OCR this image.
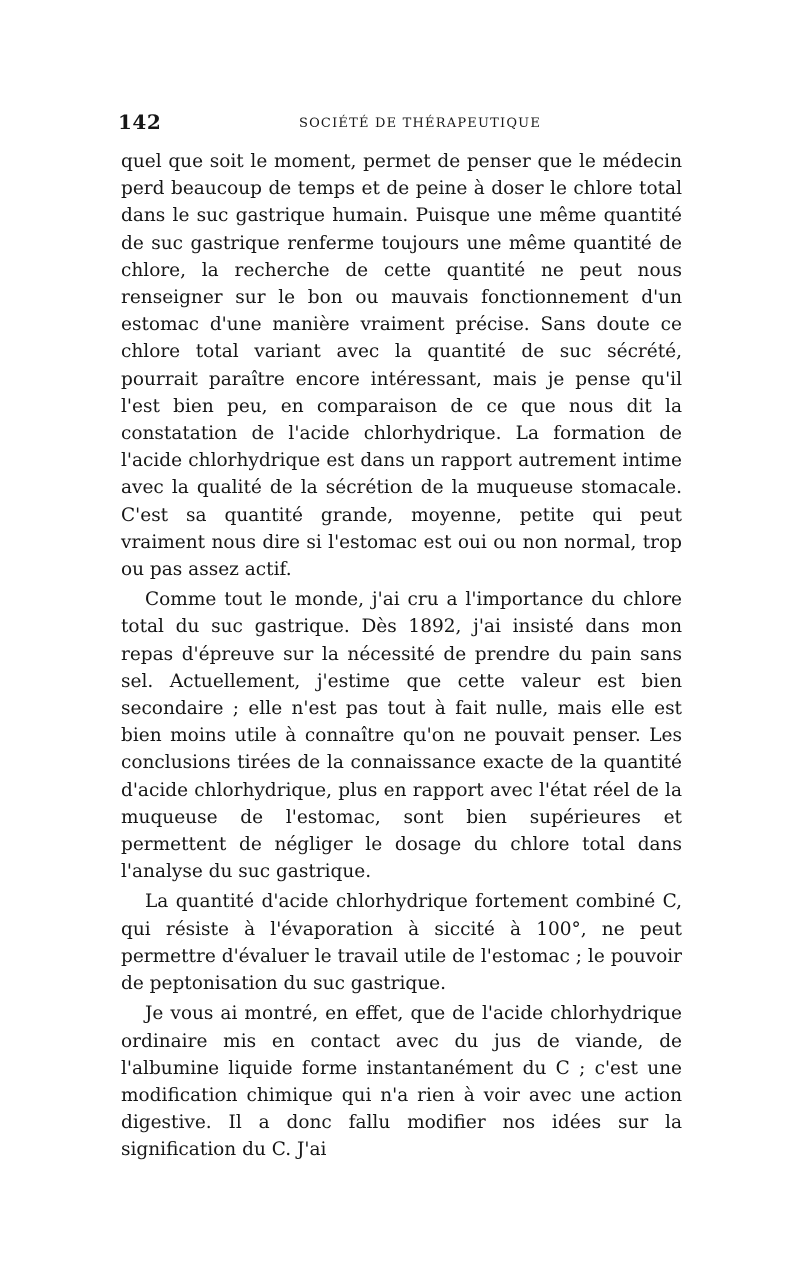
142	SOCIÉTÉ DE THÉRAPEUTIQUE

quel que soit le moment, permet de penser que le médecin perd beaucoup de temps et de peine à doser le chlore total dans le suc gastrique humain. Puisque une même quantité de suc gastrique renferme toujours une même quantité de chlore, la recherche de cette quantité ne peut nous renseigner sur le bon ou mauvais fonctionnement d'un estomac d'une manière vraiment précise. Sans doute ce chlore total variant avec la quantité de suc sécrété, pourrait paraître encore intéressant, mais je pense qu'il l'est bien peu, en comparaison de ce que nous dit la constatation de l'acide chlorhydrique. La formation de l'acide chlorhydrique est dans un rapport autrement intime avec la qualité de la sécrétion de la muqueuse stomacale. C'est sa quantité grande, moyenne, petite qui peut vraiment nous dire si l'estomac est oui ou non normal, trop ou pas assez actif.

Comme tout le monde, j'ai cru a l'importance du chlore total du suc gastrique. Dès 1892, j'ai insisté dans mon repas d'épreuve sur la nécessité de prendre du pain sans sel. Actuellement, j'estime que cette valeur est bien secondaire ; elle n'est pas tout à fait nulle, mais elle est bien moins utile à connaître qu'on ne pouvait penser. Les conclusions tirées de la connaissance exacte de la quantité d'acide chlorhydrique, plus en rapport avec l'état réel de la muqueuse de l'estomac, sont bien supérieures et permettent de négliger le dosage du chlore total dans l'analyse du suc gastrique.

La quantité d'acide chlorhydrique fortement combiné C, qui résiste à l'évaporation à siccité à 100°, ne peut permettre d'évaluer le travail utile de l'estomac ; le pouvoir de peptonisation du suc gastrique.

Je vous ai montré, en effet, que de l'acide chlorhydrique ordinaire mis en contact avec du jus de viande, de l'albumine liquide forme instantanément du C ; c'est une modification chimique qui n'a rien à voir avec une action digestive. Il a donc fallu modifier nos idées sur la signification du C. J'ai
